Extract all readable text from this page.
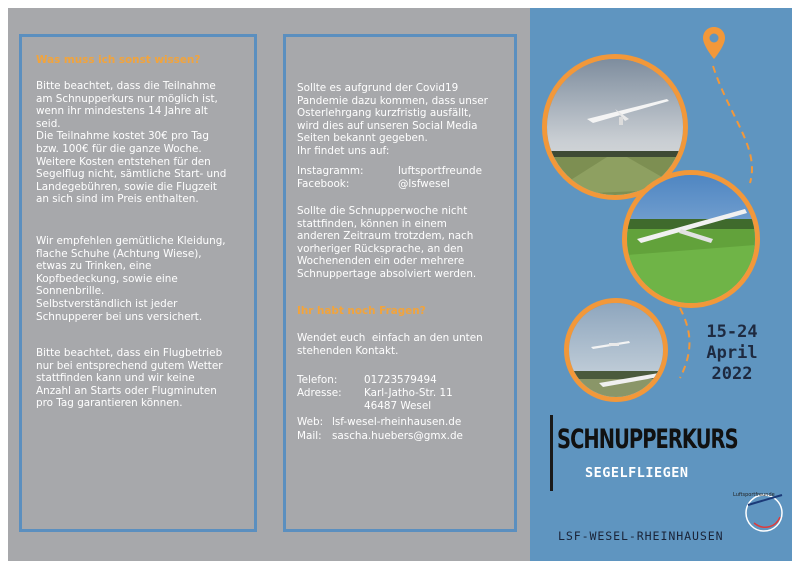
Was muss ich sonst wissen?
Bitte beachtet, dass die Teilnahme
am Schnupperkurs nur möglich ist,
wenn ihr mindestens 14 Jahre alt
seid.
Die Teilnahme kostet 30€ pro Tag
bzw. 100€ für die ganze Woche.
Weitere Kosten entstehen für den
Segelflug nicht, sämtliche Start- und
Landegebühren, sowie die Flugzeit
an sich sind im Preis enthalten.
Wir empfehlen gemütliche Kleidung,
flache Schuhe (Achtung Wiese),
etwas zu Trinken, eine
Kopfbedeckung, sowie eine
Sonnenbrille.
Selbstverständlich ist jeder
Schnupperer bei uns versichert.
Bitte beachtet, dass ein Flugbetrieb
nur bei entsprechend gutem Wetter
stattfinden kann und wir keine
Anzahl an Starts oder Flugminuten
pro Tag garantieren können.
Sollte es aufgrund der Covid19
Pandemie dazu kommen, dass unser
Osterlehrgang kurzfristig ausfällt,
wird dies auf unseren Social Media
Seiten bekannt gegeben.
Ihr findet uns auf:
Instagramm:	luftsportfreunde
Facebook:	@lsfwesel
Sollte die Schnupperwoche nicht
stattfinden, können in einem
anderen Zeitraum trotzdem, nach
vorheriger Rücksprache, an den
Wochenenden ein oder mehrere
Schnuppertage absolviert werden.
Ihr habt noch Fragen?
Wendet euch  einfach an den unten
stehenden Kontakt.
Telefon:	01723579494
Adresse: Karl-Jatho-Str. 11
46487 Wesel
Web: lsf-wesel-rheinhausen.de
Mail: sascha.huebers@gmx.de
15-24
April
2022
SCHNUPPERKURS
SEGELFLIEGEN
Luftsportfreunde
LSF-WESEL-RHEINHAUSEN
